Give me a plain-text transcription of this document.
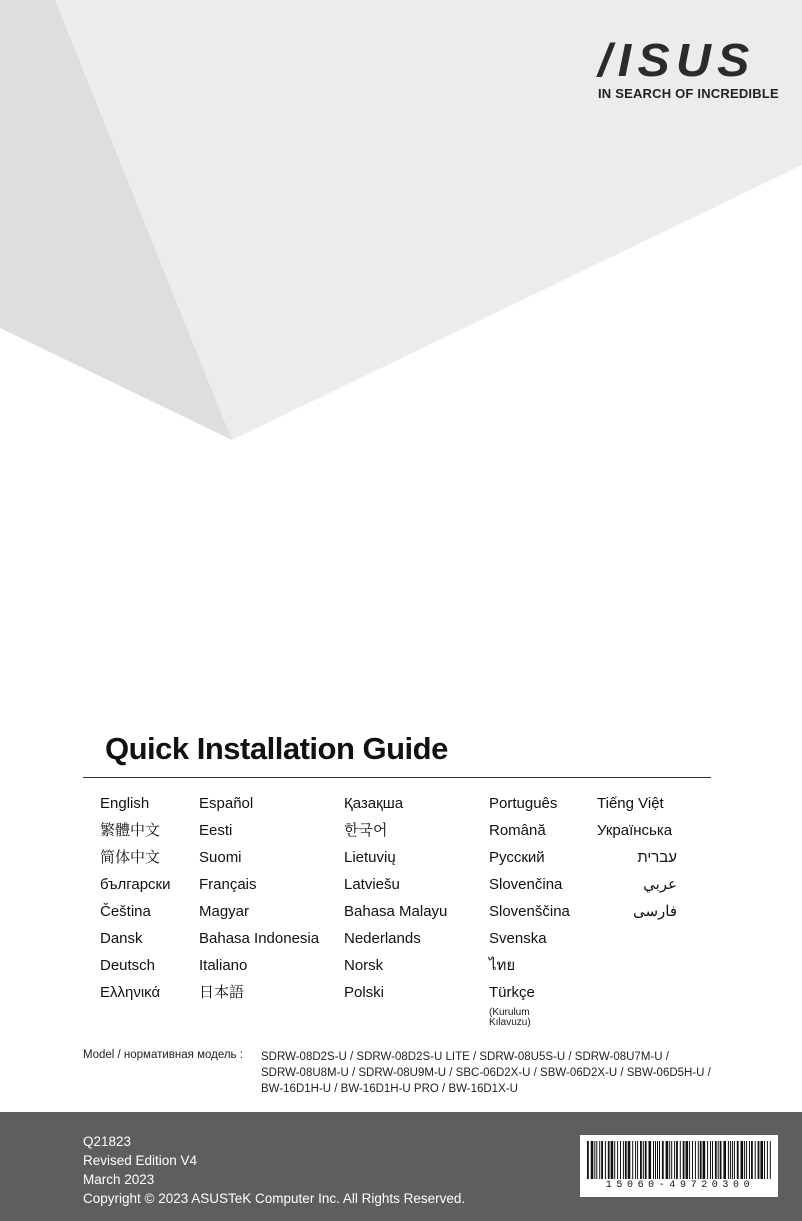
/ISUS
IN SEARCH OF INCREDIBLE
Quick Installation Guide
English
繁體中文
简体中文
български
Čeština
Dansk
Deutsch
Ελληνικά
Español
Eesti
Suomi
Français
Magyar
Bahasa Indonesia
Italiano
日本語
Қазақша
한국어
Lietuvių
Latviešu
Bahasa Malayu
Nederlands
Norsk
Polski
Português
Română
Русский
Slovenčina
Slovenščina
Svenska
ไทย
Türkçe
(Kurulum Kılavuzu)
Tiếng Việt
Українська
עברית
عربي
فارسی
Model / нормативная модель : SDRW-08D2S-U / SDRW-08D2S-U LITE / SDRW-08U5S-U / SDRW-08U7M-U /
SDRW-08U8M-U / SDRW-08U9M-U / SBC-06D2X-U / SBW-06D2X-U / SBW-06D5H-U /
BW-16D1H-U / BW-16D1H-U PRO / BW-16D1X-U
Q21823
Revised Edition V4
March 2023
Copyright © 2023 ASUSTeK Computer Inc. All Rights Reserved.
15060-49720300
